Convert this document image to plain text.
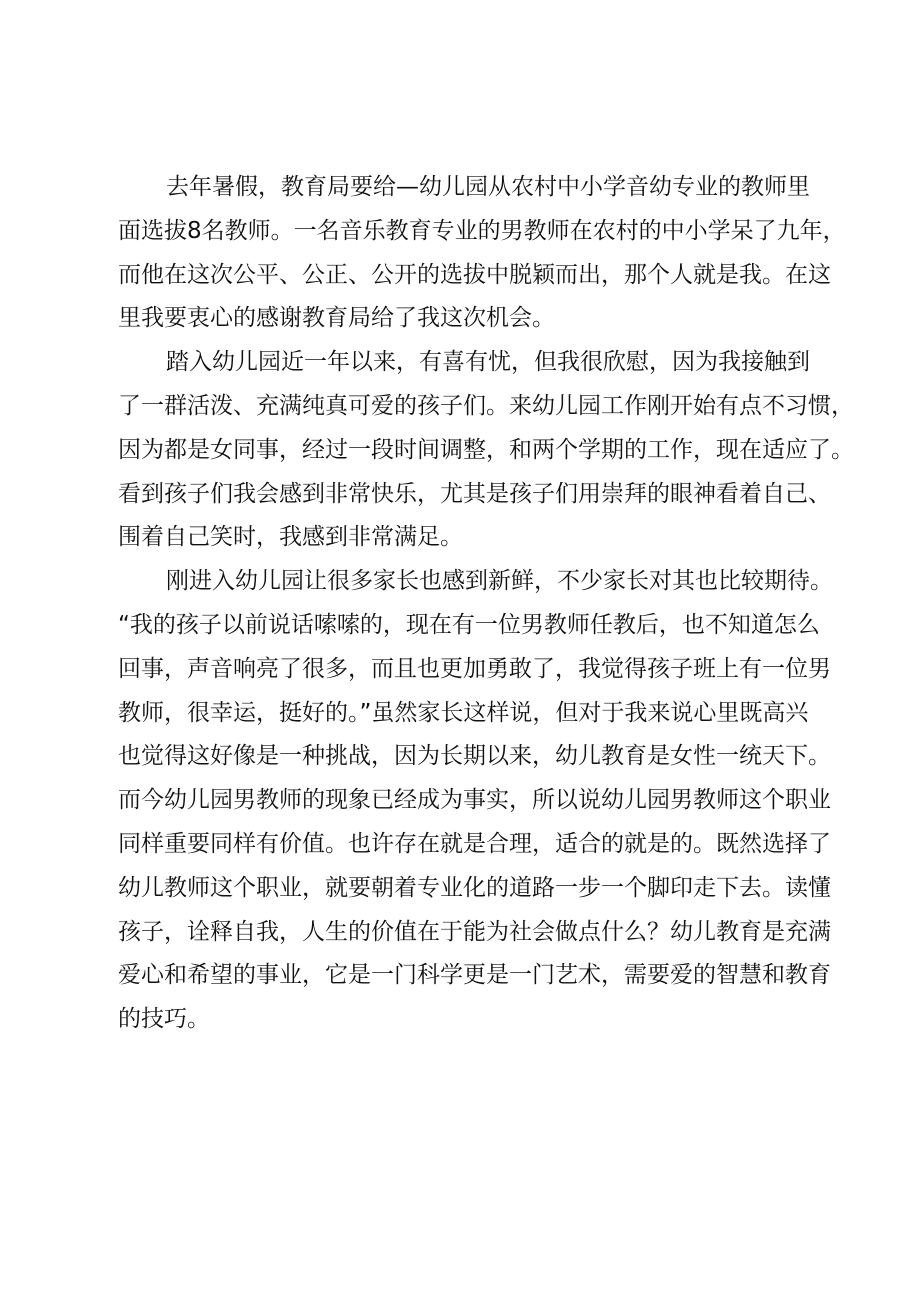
去年暑假，教育局要给—幼儿园从农村中小学音幼专业的教师里

面选拔8名教师。一名音乐教育专业的男教师在农村的中小学呆了九年，

而他在这次公平、公正、公开的选拔中脱颖而出，那个人就是我。在这

里我要衷心的感谢教育局给了我这次机会。

踏入幼儿园近一年以来，有喜有忧，但我很欣慰，因为我接触到

了一群活泼、充满纯真可爱的孩子们。来幼儿园工作刚开始有点不习惯，

因为都是女同事，经过一段时间调整，和两个学期的工作，现在适应了。

看到孩子们我会感到非常快乐，尤其是孩子们用崇拜的眼神看着自己、

围着自己笑时，我感到非常满足。

刚进入幼儿园让很多家长也感到新鲜，不少家长对其也比较期待。

“我的孩子以前说话嗦嗦的，现在有一位男教师任教后，也不知道怎么

回事，声音响亮了很多，而且也更加勇敢了，我觉得孩子班上有一位男

教师，很幸运，挺好的。”虽然家长这样说，但对于我来说心里既高兴

也觉得这好像是一种挑战，因为长期以来，幼儿教育是女性一统天下。

而今幼儿园男教师的现象已经成为事实，所以说幼儿园男教师这个职业

同样重要同样有价值。也许存在就是合理，适合的就是的。既然选择了

幼儿教师这个职业，就要朝着专业化的道路一步一个脚印走下去。读懂

孩子，诠释自我，人生的价值在于能为社会做点什么？幼儿教育是充满

爱心和希望的事业，它是一门科学更是一门艺术，需要爱的智慧和教育

的技巧。
